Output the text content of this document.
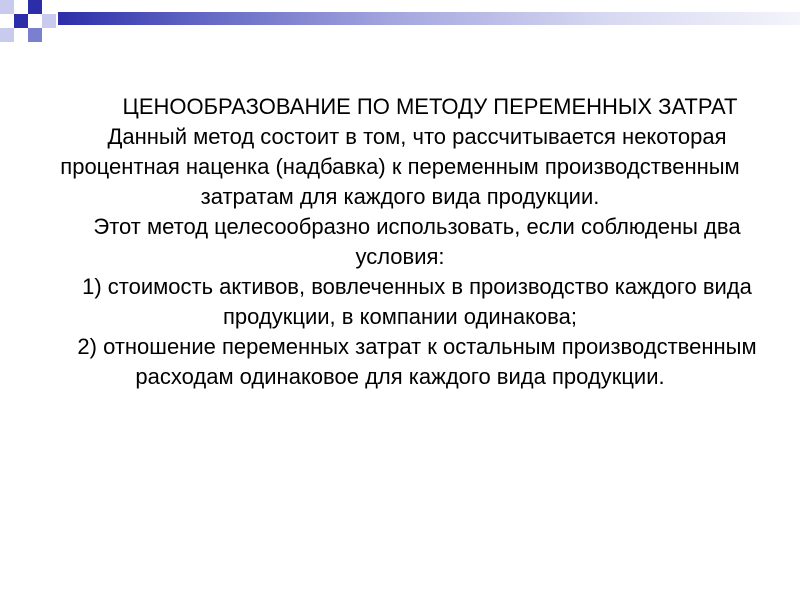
ЦЕНООБРАЗОВАНИЕ ПО МЕТОДУ ПЕРЕМЕННЫХ ЗАТРАТ

Данный метод состоит в том, что рассчитывается некоторая процентная наценка (надбавка) к переменным производственным затратам для каждого вида продукции.

Этот метод целесообразно использовать, если соблюдены два условия:

1) стоимость активов, вовлеченных в производство каждого вида продукции, в компании одинакова;

2) отношение переменных затрат к остальным производственным расходам одинаковое для каждого вида продукции.
